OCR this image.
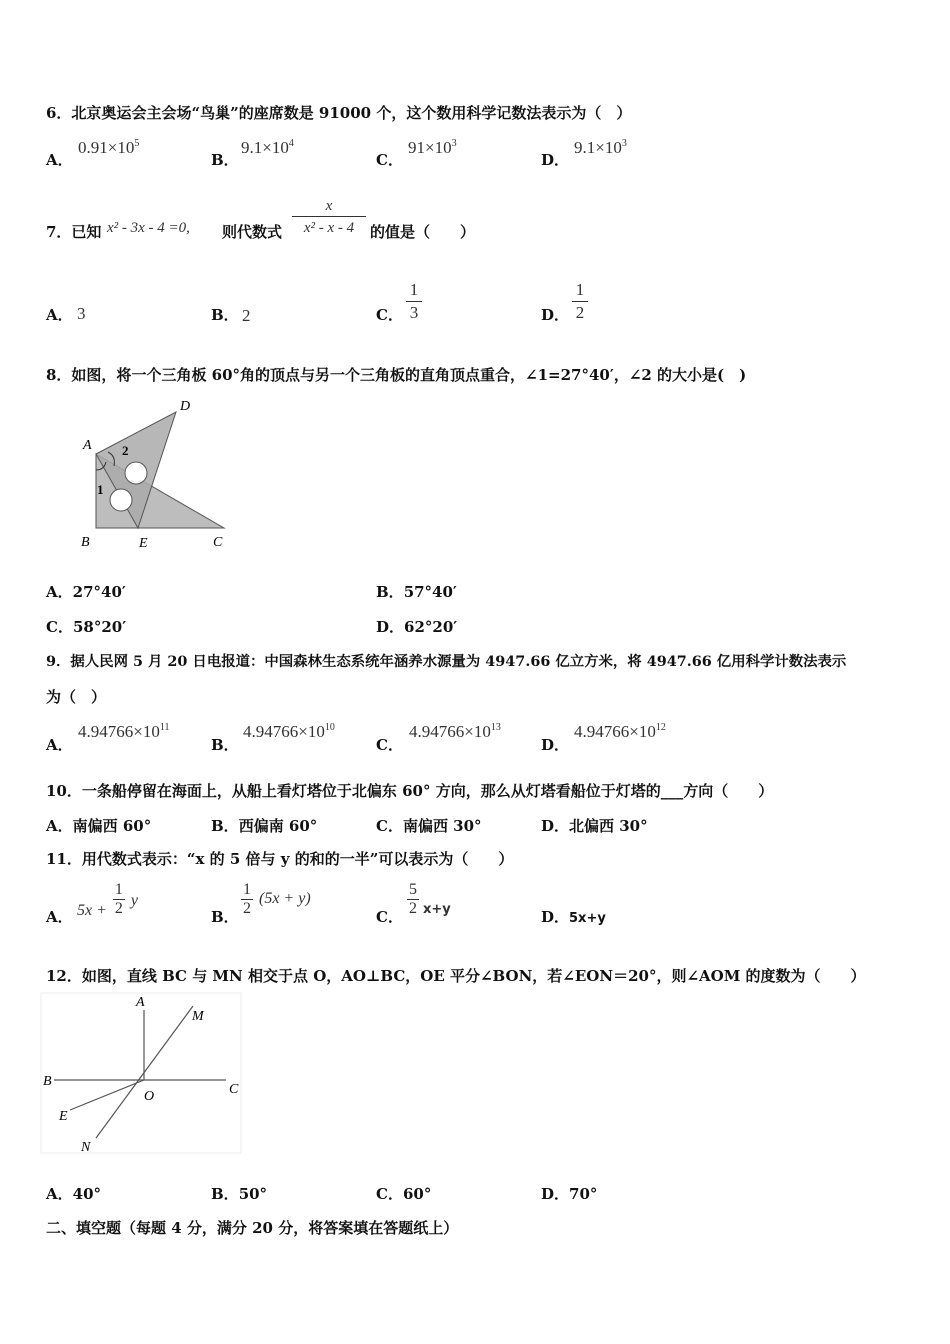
6．北京奥运会主会场“鸟巢”的座席数是 91000 个，这个数用科学记数法表示为（　）
A．
$0.91\times 10^5$
B．
$9.1\times 10^4$
C．
$91\times 10^3$
D．
$9.1\times 10^3$
7．已知 x² - 3x - 4 =0, 则代数式
x
x² - x - 4	的值是（　　）
A． 3	B． 2	C．
1
3	D．
1
2
8．如图，将一个三角板 60°角的顶点与另一个三角板的直角顶点重合，∠1=27°40′，∠2 的大小是(　)
A
D
2
1
B	E	C
A．27°40′	B．57°40′
C．58°20′	D．62°20′
9．据人民网 5 月 20 日电报道：中国森林生态系统年涵养水源量为 4947.66 亿立方米，将 4947.66 亿用科学计数法表示
为（　）
A．
$4.94766\times 10^{11}$
B．
$4.94766\times 10^{10}$
C．
$4.94766\times 10^{13}$
D．
$4.94766\times 10^{12}$
10．一条船停留在海面上，从船上看灯塔位于北偏东 60° 方向，那么从灯塔看船位于灯塔的___方向（　　）
A．南偏西 60°	B．西偏南 60°	C．南偏西 30°	D．北偏西 30°
11．用代数式表示：“x 的 5 倍与 y 的和的一半”可以表示为（　　）
A． $5x + \frac{1}{2}$ y
B． $\frac{1}{2} (5x + y)$
C． $\frac{5}{2} _{x+y}$	D．5x+y
12．如图，直线 BC 与 MN 相交于点 O，AO⊥BC，OE 平分∠BON，若∠EON＝20°，则∠AOM 的度数为（　　）
A
M
B
O	C
E
N
A．40°	B．50°	C．60°	D．70°
二、填空题（每题 4 分，满分 20 分，将答案填在答题纸上）
